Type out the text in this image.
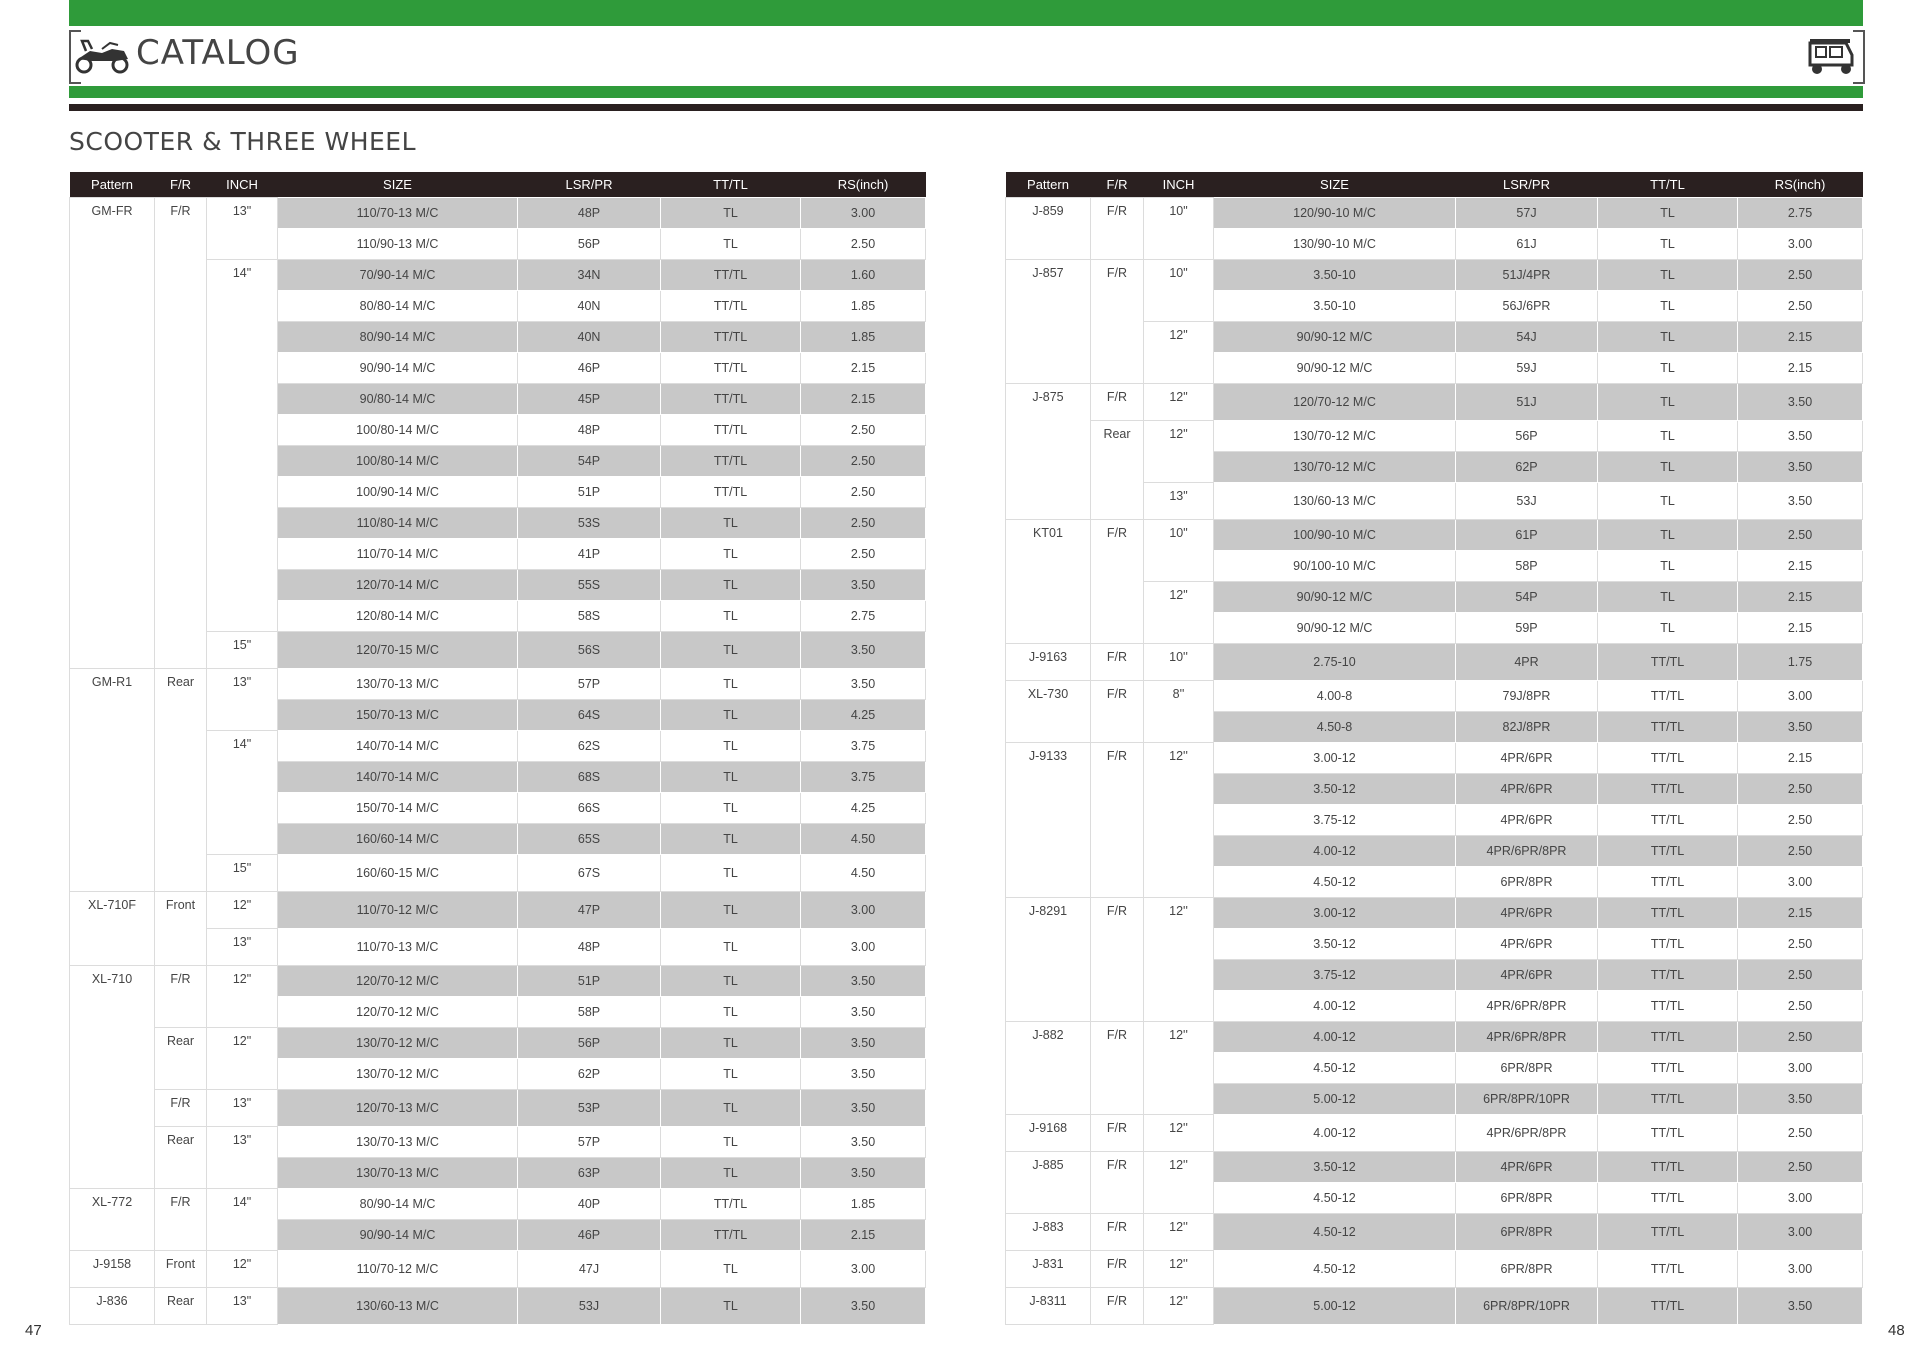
CATALOG
SCOOTER & THREE WHEEL
Pattern	F/R	INCH	SIZE	LSR/PR	TT/TL	RS(inch)
GM-FR	F/R	13"	110/70-13 M/C	48P	TL	3.00
			110/90-13 M/C	56P	TL	2.50
		14"	70/90-14 M/C	34N	TT/TL	1.60
			80/80-14 M/C	40N	TT/TL	1.85
			80/90-14 M/C	40N	TT/TL	1.85
			90/90-14 M/C	46P	TT/TL	2.15
			90/80-14 M/C	45P	TT/TL	2.15
			100/80-14 M/C	48P	TT/TL	2.50
			100/80-14 M/C	54P	TT/TL	2.50
			100/90-14 M/C	51P	TT/TL	2.50
			110/80-14 M/C	53S	TL	2.50
			110/70-14 M/C	41P	TL	2.50
			120/70-14 M/C	55S	TL	3.50
			120/80-14 M/C	58S	TL	2.75
		15"	120/70-15 M/C	56S	TL	3.50
GM-R1	Rear	13"	130/70-13 M/C	57P	TL	3.50
			150/70-13 M/C	64S	TL	4.25
		14"	140/70-14 M/C	62S	TL	3.75
			140/70-14 M/C	68S	TL	3.75
			150/70-14 M/C	66S	TL	4.25
			160/60-14 M/C	65S	TL	4.50
		15"	160/60-15 M/C	67S	TL	4.50
XL-710F	Front	12"	110/70-12 M/C	47P	TL	3.00
		13"	110/70-13 M/C	48P	TL	3.00
XL-710	F/R	12"	120/70-12 M/C	51P	TL	3.50
			120/70-12 M/C	58P	TL	3.50
	Rear	12"	130/70-12 M/C	56P	TL	3.50
			130/70-12 M/C	62P	TL	3.50
	F/R	13"	120/70-13 M/C	53P	TL	3.50
	Rear	13"	130/70-13 M/C	57P	TL	3.50
			130/70-13 M/C	63P	TL	3.50
XL-772	F/R	14"	80/90-14 M/C	40P	TT/TL	1.85
			90/90-14 M/C	46P	TT/TL	2.15
J-9158	Front	12"	110/70-12 M/C	47J	TL	3.00
J-836	Rear	13"	130/60-13 M/C	53J	TL	3.50
Pattern	F/R	INCH	SIZE	LSR/PR	TT/TL	RS(inch)
J-859	F/R	10"	120/90-10 M/C	57J	TL	2.75
			130/90-10 M/C	61J	TL	3.00
J-857	F/R	10"	3.50-10	51J/4PR	TL	2.50
			3.50-10	56J/6PR	TL	2.50
		12"	90/90-12 M/C	54J	TL	2.15
			90/90-12 M/C	59J	TL	2.15
J-875	F/R	12"	120/70-12 M/C	51J	TL	3.50
	Rear	12"	130/70-12 M/C	56P	TL	3.50
			130/70-12 M/C	62P	TL	3.50
		13"	130/60-13 M/C	53J	TL	3.50
KT01	F/R	10"	100/90-10 M/C	61P	TL	2.50
			90/100-10 M/C	58P	TL	2.15
		12"	90/90-12 M/C	54P	TL	2.15
			90/90-12 M/C	59P	TL	2.15
J-9163	F/R	10''	2.75-10	4PR	TT/TL	1.75
XL-730	F/R	8''	4.00-8	79J/8PR	TT/TL	3.00
			4.50-8	82J/8PR	TT/TL	3.50
J-9133	F/R	12''	3.00-12	4PR/6PR	TT/TL	2.15
			3.50-12	4PR/6PR	TT/TL	2.50
			3.75-12	4PR/6PR	TT/TL	2.50
			4.00-12	4PR/6PR/8PR	TT/TL	2.50
			4.50-12	6PR/8PR	TT/TL	3.00
J-8291	F/R	12''	3.00-12	4PR/6PR	TT/TL	2.15
			3.50-12	4PR/6PR	TT/TL	2.50
			3.75-12	4PR/6PR	TT/TL	2.50
			4.00-12	4PR/6PR/8PR	TT/TL	2.50
J-882	F/R	12''	4.00-12	4PR/6PR/8PR	TT/TL	2.50
			4.50-12	6PR/8PR	TT/TL	3.00
			5.00-12	6PR/8PR/10PR	TT/TL	3.50
J-9168	F/R	12''	4.00-12	4PR/6PR/8PR	TT/TL	2.50
J-885	F/R	12''	3.50-12	4PR/6PR	TT/TL	2.50
			4.50-12	6PR/8PR	TT/TL	3.00
J-883	F/R	12''	4.50-12	6PR/8PR	TT/TL	3.00
J-831	F/R	12''	4.50-12	6PR/8PR	TT/TL	3.00
J-8311	F/R	12''	5.00-12	6PR/8PR/10PR	TT/TL	3.50
47	48
